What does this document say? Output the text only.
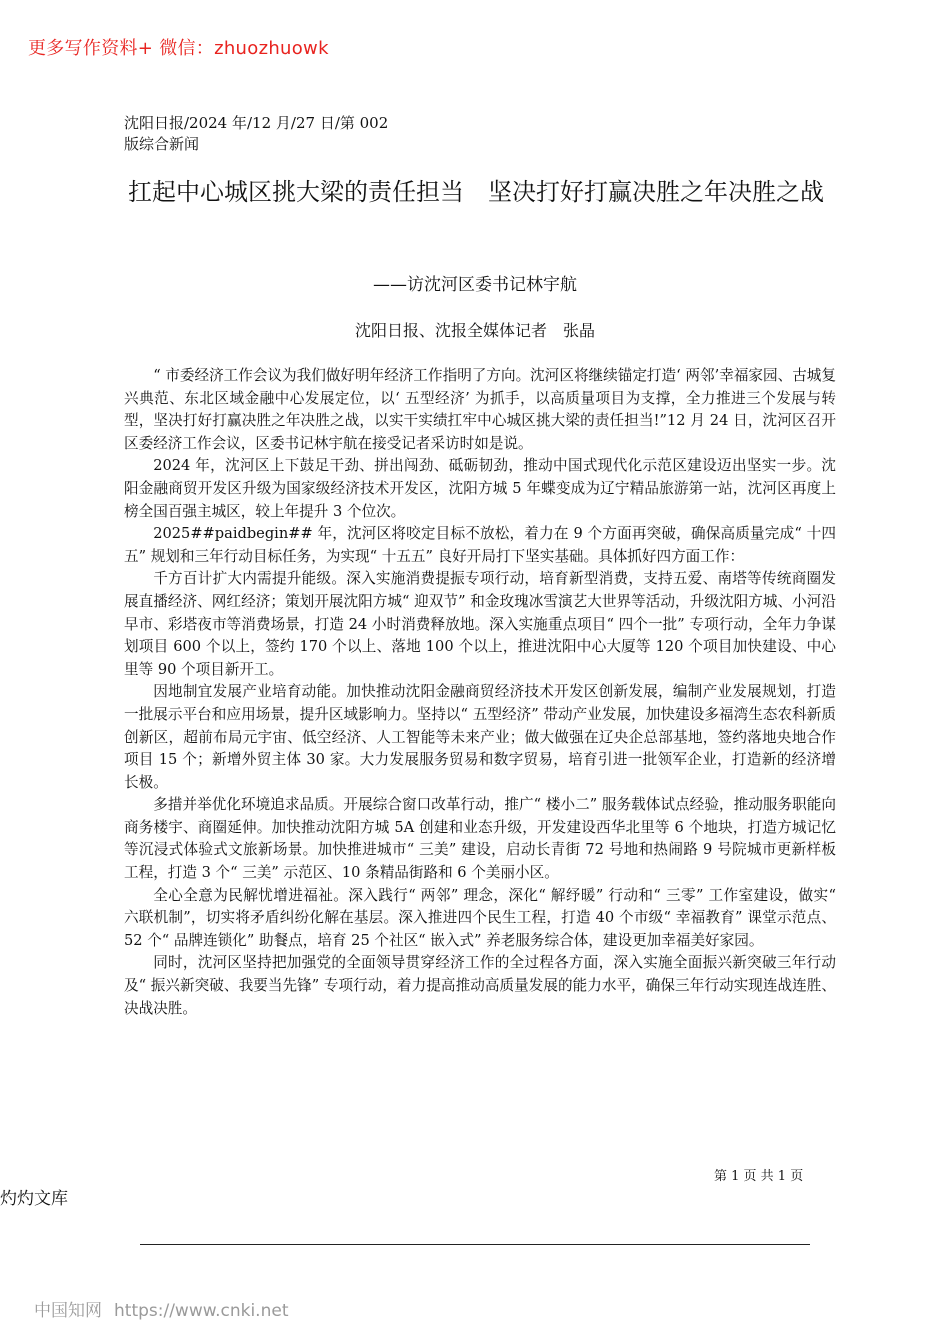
更多写作资料+ 微信：zhuozhuowk
沈阳日报/2024 年/12 月/27 日/第 002 版综合新闻
扛起中心城区挑大梁的责任担当　坚决打好打赢决胜之年决胜之战
——访沈河区委书记林宇航
沈阳日报、沈报全媒体记者　张晶

“ 市委经济工作会议为我们做好明年经济工作指明了方向。沈河区将继续锚定打造‘ 两邻’幸福家园、古城复兴典范、东北区域金融中心发展定位，以‘ 五型经济’ 为抓手，以高质量项目为支撑，全力推进三个发展与转型，坚决打好打赢决胜之年决胜之战，以实干实绩扛牢中心城区挑大梁的责任担当!”12 月 24 日，沈河区召开区委经济工作会议，区委书记林宇航在接受记者采访时如是说。

2024 年，沈河区上下鼓足干劲、拼出闯劲、砥砺韧劲，推动中国式现代化示范区建设迈出坚实一步。沈阳金融商贸开发区升级为国家级经济技术开发区，沈阳方城 5 年蝶变成为辽宁精品旅游第一站，沈河区再度上榜全国百强主城区，较上年提升 3 个位次。

2025##paidbegin## 年，沈河区将咬定目标不放松，着力在 9 个方面再突破，确保高质量完成“ 十四五” 规划和三年行动目标任务，为实现“ 十五五” 良好开局打下坚实基础。具体抓好四方面工作：

千方百计扩大内需提升能级。深入实施消费提振专项行动，培育新型消费，支持五爱、南塔等传统商圈发展直播经济、网红经济；策划开展沈阳方城“ 迎双节” 和金玫瑰冰雪演艺大世界等活动，升级沈阳方城、小河沿早市、彩塔夜市等消费场景，打造 24 小时消费释放地。深入实施重点项目“ 四个一批” 专项行动，全年力争谋划项目 600 个以上，签约 170 个以上、落地 100 个以上，推进沈阳中心大厦等 120 个项目加快建设、中心里等 90 个项目新开工。

因地制宜发展产业培育动能。加快推动沈阳金融商贸经济技术开发区创新发展，编制产业发展规划，打造一批展示平台和应用场景，提升区域影响力。坚持以“ 五型经济” 带动产业发展，加快建设多福湾生态农科新质创新区，超前布局元宇宙、低空经济、人工智能等未来产业；做大做强在辽央企总部基地，签约落地央地合作项目 15 个；新增外贸主体 30 家。大力发展服务贸易和数字贸易，培育引进一批领军企业，打造新的经济增长极。

多措并举优化环境追求品质。开展综合窗口改革行动，推广“ 楼小二” 服务载体试点经验，推动服务职能向商务楼宇、商圈延伸。加快推动沈阳方城 5A 创建和业态升级，开发建设西华北里等 6 个地块，打造方城记忆等沉浸式体验式文旅新场景。加快推进城市“ 三美” 建设，启动长青街 72 号地和热闹路 9 号院城市更新样板工程，打造 3 个“ 三美” 示范区、10 条精品街路和 6 个美丽小区。

全心全意为民解忧增进福祉。深入践行“ 两邻” 理念，深化“ 解纾暖” 行动和“ 三零” 工作室建设，做实“ 六联机制”，切实将矛盾纠纷化解在基层。深入推进四个民生工程，打造 40 个市级“ 幸福教育” 课堂示范点、52 个“ 品牌连锁化” 助餐点，培育 25 个社区“ 嵌入式” 养老服务综合体，建设更加幸福美好家园。

同时，沈河区坚持把加强党的全面领导贯穿经济工作的全过程各方面，深入实施全面振兴新突破三年行动及“ 振兴新突破、我要当先锋” 专项行动，着力提高推动高质量发展的能力水平，确保三年行动实现连战连胜、决战决胜。

第 1 页 共 1 页
灼灼文库
中国知网 https://www.cnki.net
